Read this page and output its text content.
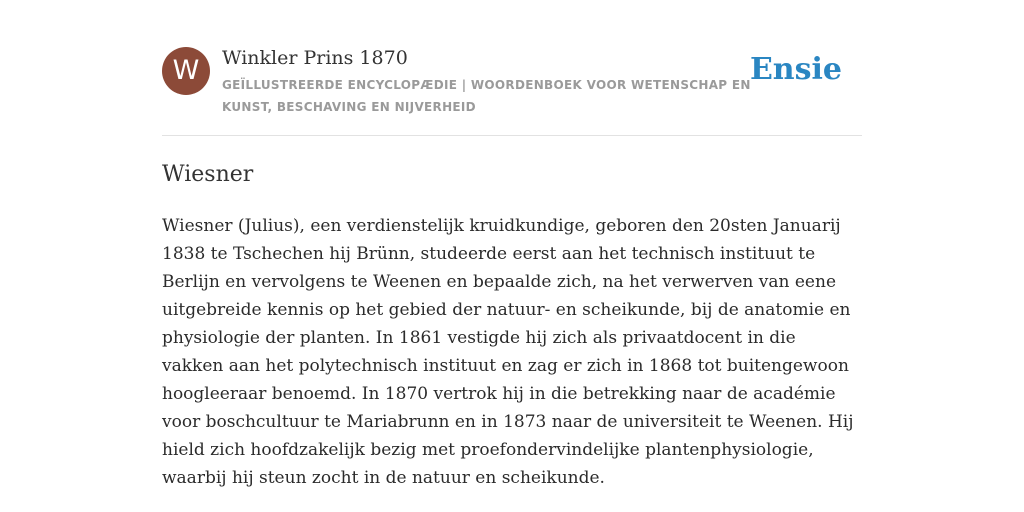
W	Winkler Prins 1870
GEÏLLUSTREERDE ENCYCLOPÆDIE | WOORDENBOEK VOOR WETENSCHAP EN KUNST, BESCHAVING EN NIJVERHEID
Ensie
Wiesner

Wiesner (Julius), een verdienstelijk kruidkundige, geboren den 20sten Januarij 1838 te Tschechen hij Brünn, studeerde eerst aan het technisch instituut te Berlijn en vervolgens te Weenen en bepaalde zich, na het verwerven van eene uitgebreide kennis op het gebied der natuur- en scheikunde, bij de anatomie en physiologie der planten. In 1861 vestigde hij zich als privaatdocent in die vakken aan het polytechnisch instituut en zag er zich in 1868 tot buitengewoon hoogleeraar benoemd. In 1870 vertrok hij in die betrekking naar de académie voor boschcultuur te Mariabrunn en in 1873 naar de universiteit te Weenen. Hij hield zich hoofdzakelijk bezig met proefondervindelijke plantenphysiologie, waarbij hij steun zocht in de natuur en scheikunde.
